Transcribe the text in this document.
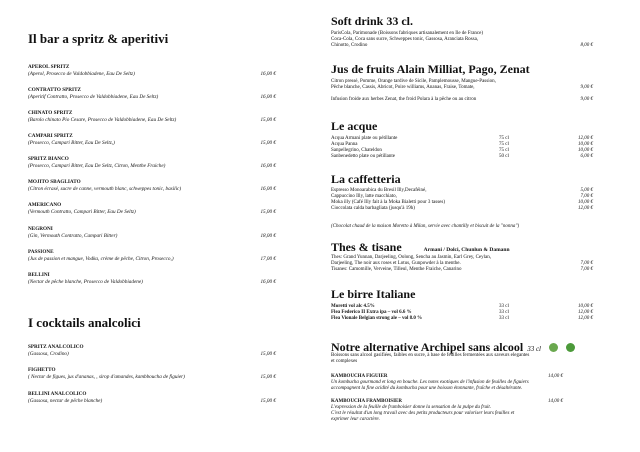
Il bar a spritz & aperitivi
APEROL SPRITZ
(Aperol, Prosecco de Valdobbiadene, Eau De Seltz)	16,00 €
CONTRATTO SPRITZ
(Aperitif Contratto, Prosecco de Valdobbiadene, Eau De Seltz)	16,00 €
CHINATO SPRITZ
(Barolo chinato Pio Cesare, Prosecco de Valdobbiadene, Eau De Seltz)	15,00 €
CAMPARI SPRITZ
(Prosecco, Campari Bitter, Eau De Seltz,)	15,00 €
SPRITZ BIANCO
(Prosecco, Campari Bitter, Eau De Seltz, Citron, Menthe Fraiche)	16,00 €
MOJITO SBAGLIATO
(Citron écrasé, sucre de canne, vermouth blanc, schweppes tonic, basilic)	16,00 €
AMERICANO
(Vermouth Contratto, Campari Bitter, Eau De Seltz)	15,00 €
NEGRONI
(Gin, Vermouth Contratto, Campari Bitter)	18,00 €
PASSIONE
(Jus de passion et mangue, Vodka, crème de pêche, Citron, Prosecco,)	17,00 €
BELLINI
(Nectar de pêche blanche, Prosecco de Valdobbiadene)	16,00 €
I cocktails analcolici
SPRITZ ANALCOLICO
(Gassosa, Crodino)	15,00 €
FIGHETTO
( Nectar de figues, jus d'ananas, , sirop d'amandes, kambboucha de figuier)	15,00 €
BELLINI ANALCOLICO
(Gassosa, nectar de pêche blanche)	15,00 €
Soft drink 33 cl.
ParisCola, Parimonade (Boissons fabriques artisanalement en Ile de France)
Coca-Cola, Coca sans sucre, Schweppes tonic, Gassosa, Aranciata Rossa,
Chinotto, Crodino	8,00 €
Jus de fruits Alain Milliat, Pago, Zenat
Citron pressé, Pomme, Orange tardive de Sicile, Pamplemousse, Mangue-Passion,
Pêche blanche, Cassis, Abricot, Poire williams, Ananas, Fraise, Tomate,	9,00 €
Infusion froide aux herbes Zenat, the froid Polara à la pêche ou au citron	9,00 €
Le acque
Acqua Armani plate ou pétillante	75 cl	12,00 €
Acqua Panna	75 cl	10,00 €
Sanpellegrino, Chateldon	75 cl	10,00 €
Sanbenedetto plate ou pétillante	50 cl	6,00 €
La caffetteria
Espresso Monoarabica du Bresil Illy,Decaféiné,	5,00 €
Cappuccino Illy, latte macchiato,	7,00 €
Moka illy (Café Illy fait à la Moka Bialetti pour 3 tasses)	10,00 €
Cioccolata calda barbagliata (jusqu'à 19h)	12,00 €
(Chocolat chaud de la maison Moretto à Milan, servie avec chantilly et biscuit de la "nonna")
Thes & tisane	Armani / Dolci, Chunlun & Damann
Thes: Grand Yunnan, Darjeeling, Oolong, Sencha au Jasmin, Earl Grey, Ceylan,
Darjeeling, The noir aux roses et Lotus, Gunpowder à la menthe.	7,00 €
Tisanes: Camomille, Verveine, Tilleul, Menthe Fraiche, Canarino	7,00 €
Le birre Italiane
Moretti vol alc 4.5%	33 cl	10,00 €
Flea Federico II Extra ipa – vol 6.6 %	33 cl	12,00 €
Flea Vionale Belgian strong ale – vol 8.0 %	33 cl	12,00 €
Notre alternative Archipel sans alcool 33 cl
Boissons sans alcool gasifiées, faibles en sucre, à base de feuilles fermentées aux saveurs elegantes
et complexes
KAMBOUCHA FIGUIER	14,00 €
Un kombucha gourmand et long en bouche. Les notes exotiques de l'infusion de feuilles de figuiers
accompagnent la fine acidité du kombucha pour une boisson étonnante, fraîche et désaltérante.
KAMBOUCHA FRAMBOISIER	14,00 €
L'expression de la feuille de framboisier donne la sensation de la pulpe du fruit.
C'est le résultat d'un long travail avec des petits producteurs pour valoriser leurs feuilles et
exprimer leur caractère.
